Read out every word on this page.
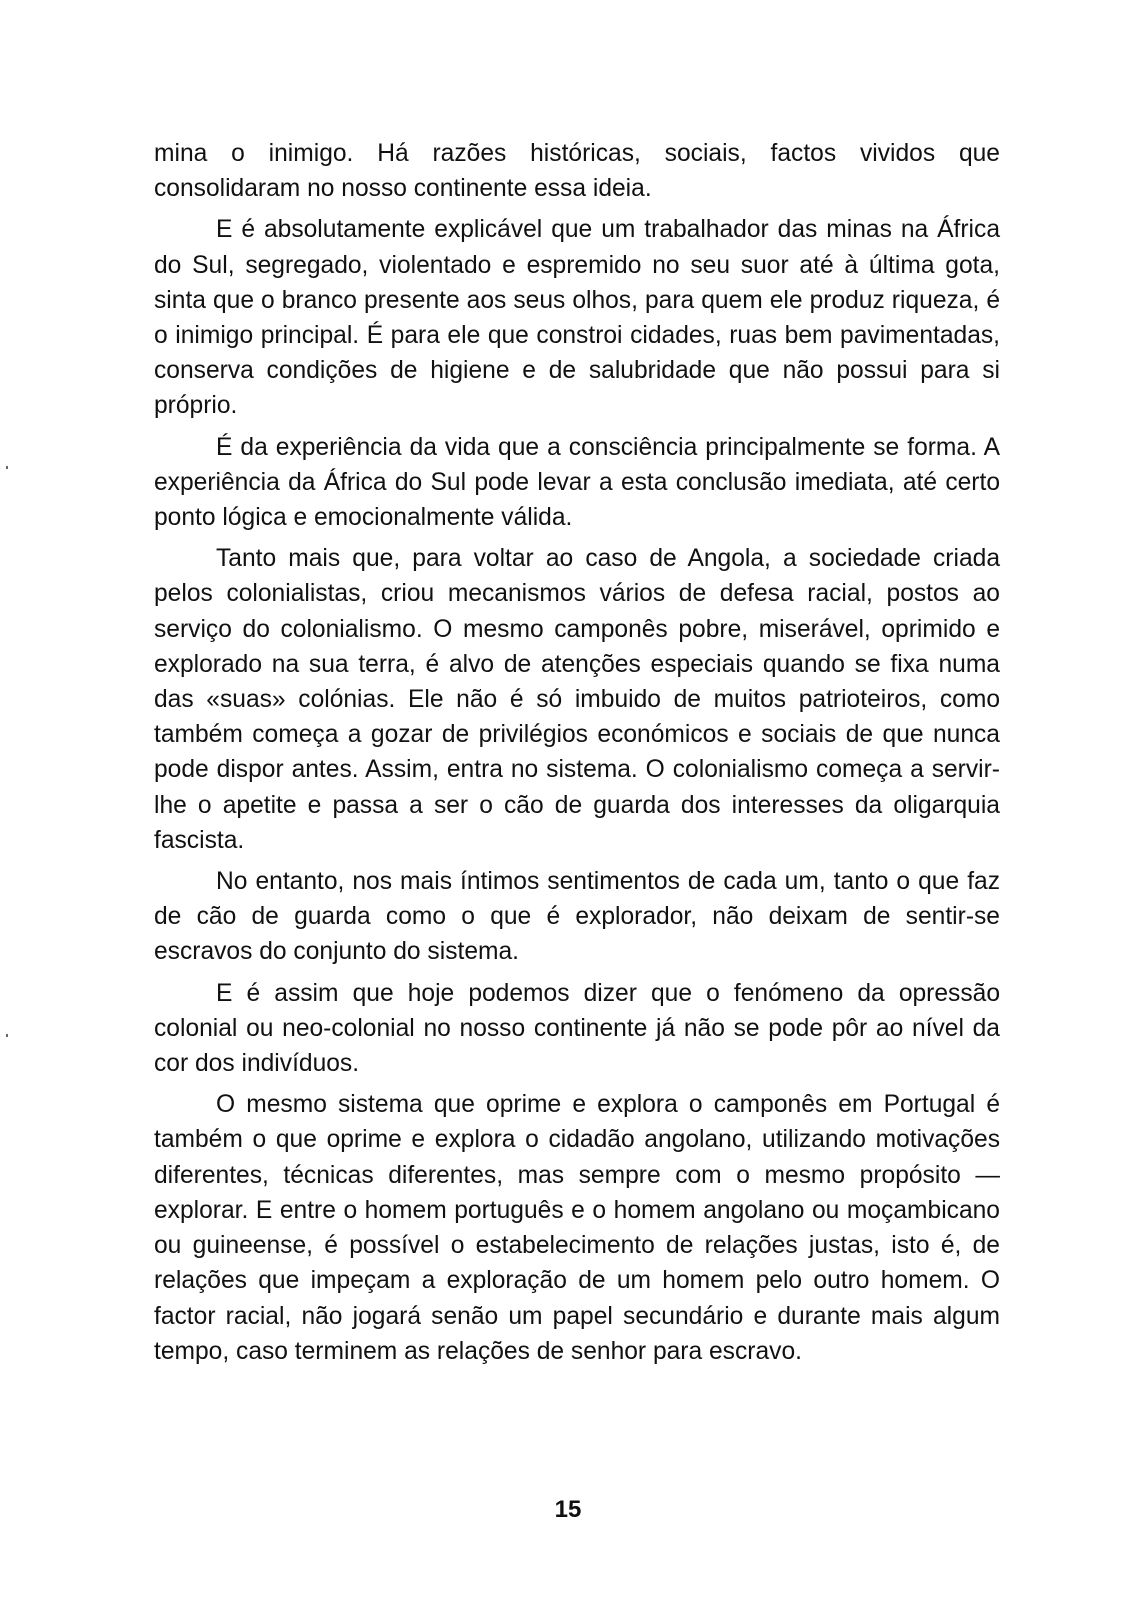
mina o inimigo. Há razões históricas, sociais, factos vividos que consolidaram no nosso continente essa ideia.

E é absolutamente explicável que um trabalhador das minas na África do Sul, segregado, violentado e espremido no seu suor até à última gota, sinta que o branco presente aos seus olhos, para quem ele produz riqueza, é o inimigo principal. É para ele que constroi cidades, ruas bem pavimentadas, conserva condições de higiene e de salubridade que não possui para si próprio.

É da experiência da vida que a consciência principalmente se forma. A experiência da África do Sul pode levar a esta conclusão imediata, até certo ponto lógica e emocionalmente válida.

Tanto mais que, para voltar ao caso de Angola, a sociedade criada pelos colonialistas, criou mecanismos vários de defesa racial, postos ao serviço do colonialismo. O mesmo camponês pobre, miserável, oprimido e explorado na sua terra, é alvo de atenções especiais quando se fixa numa das «suas» colónias. Ele não é só imbuido de muitos patrioteiros, como também começa a gozar de privilégios económicos e sociais de que nunca pode dispor antes. Assim, entra no sistema. O colonialismo começa a servir-lhe o apetite e passa a ser o cão de guarda dos interesses da oligarquia fascista.

No entanto, nos mais íntimos sentimentos de cada um, tanto o que faz de cão de guarda como o que é explorador, não deixam de sentir-se escravos do conjunto do sistema.

E é assim que hoje podemos dizer que o fenómeno da opressão colonial ou neo-colonial no nosso continente já não se pode pôr ao nível da cor dos indivíduos.

O mesmo sistema que oprime e explora o camponês em Portugal é também o que oprime e explora o cidadão angolano, utilizando motivações diferentes, técnicas diferentes, mas sempre com o mesmo propósito — explorar. E entre o homem português e o homem angolano ou moçambicano ou guineense, é possível o estabelecimento de relações justas, isto é, de relações que impeçam a exploração de um homem pelo outro homem. O factor racial, não jogará senão um papel secundário e durante mais algum tempo, caso terminem as relações de senhor para escravo.

15
